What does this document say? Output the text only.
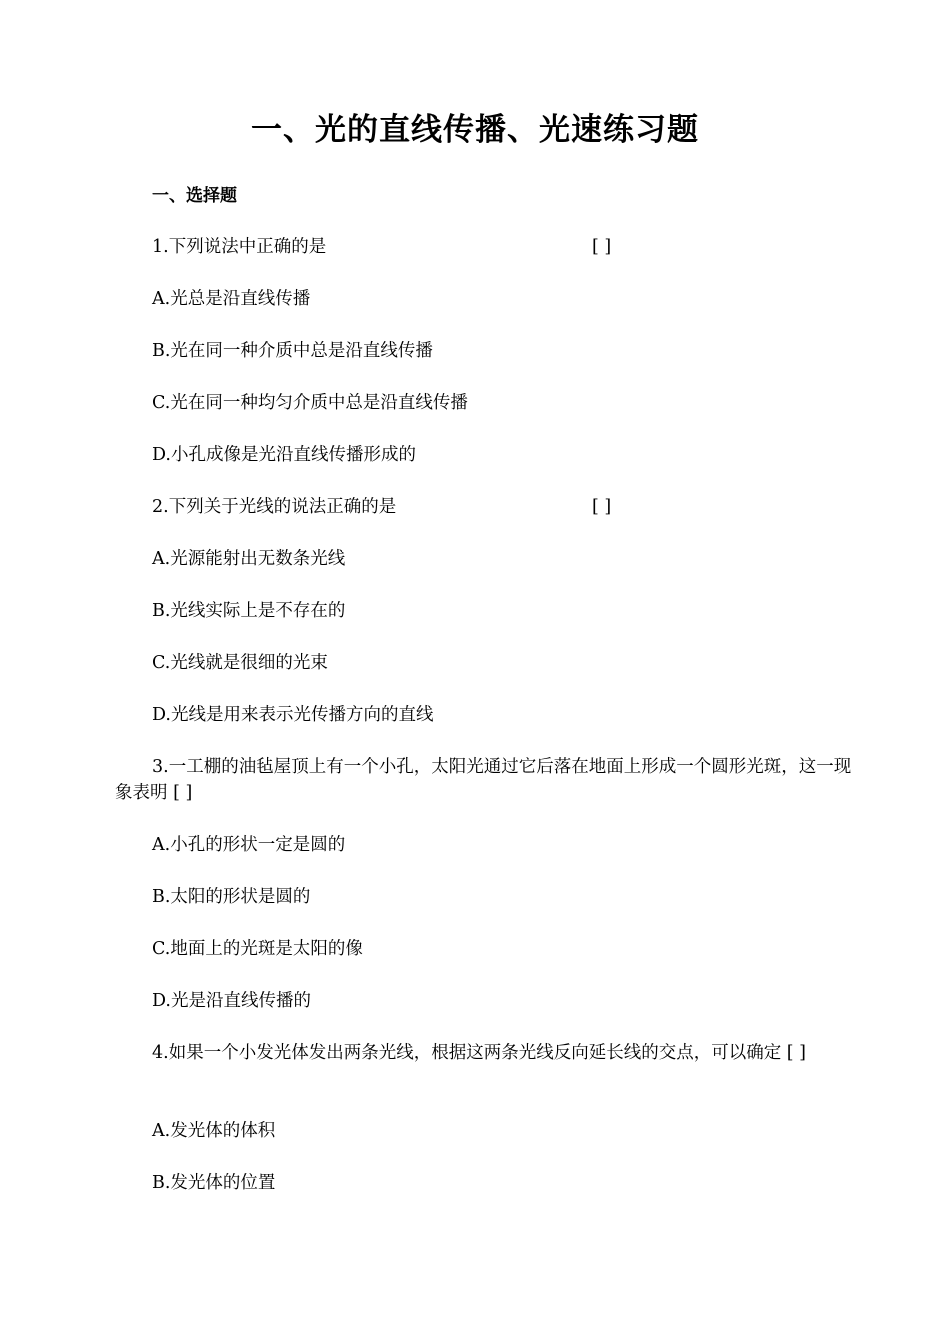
一、光的直线传播、光速练习题
一、选择题
1.下列说法中正确的是	[ ]
A.光总是沿直线传播
B.光在同一种介质中总是沿直线传播
C.光在同一种均匀介质中总是沿直线传播
D.小孔成像是光沿直线传播形成的
2.下列关于光线的说法正确的是	[ ]
A.光源能射出无数条光线
B.光线实际上是不存在的
C.光线就是很细的光束
D.光线是用来表示光传播方向的直线
3.一工棚的油毡屋顶上有一个小孔，太阳光通过它后落在地面上形成一个圆形光斑，这一现象表明 [ ]
A.小孔的形状一定是圆的
B.太阳的形状是圆的
C.地面上的光斑是太阳的像
D.光是沿直线传播的
4.如果一个小发光体发出两条光线，根据这两条光线反向延长线的交点，可以确定 [ ]
A.发光体的体积
B.发光体的位置
